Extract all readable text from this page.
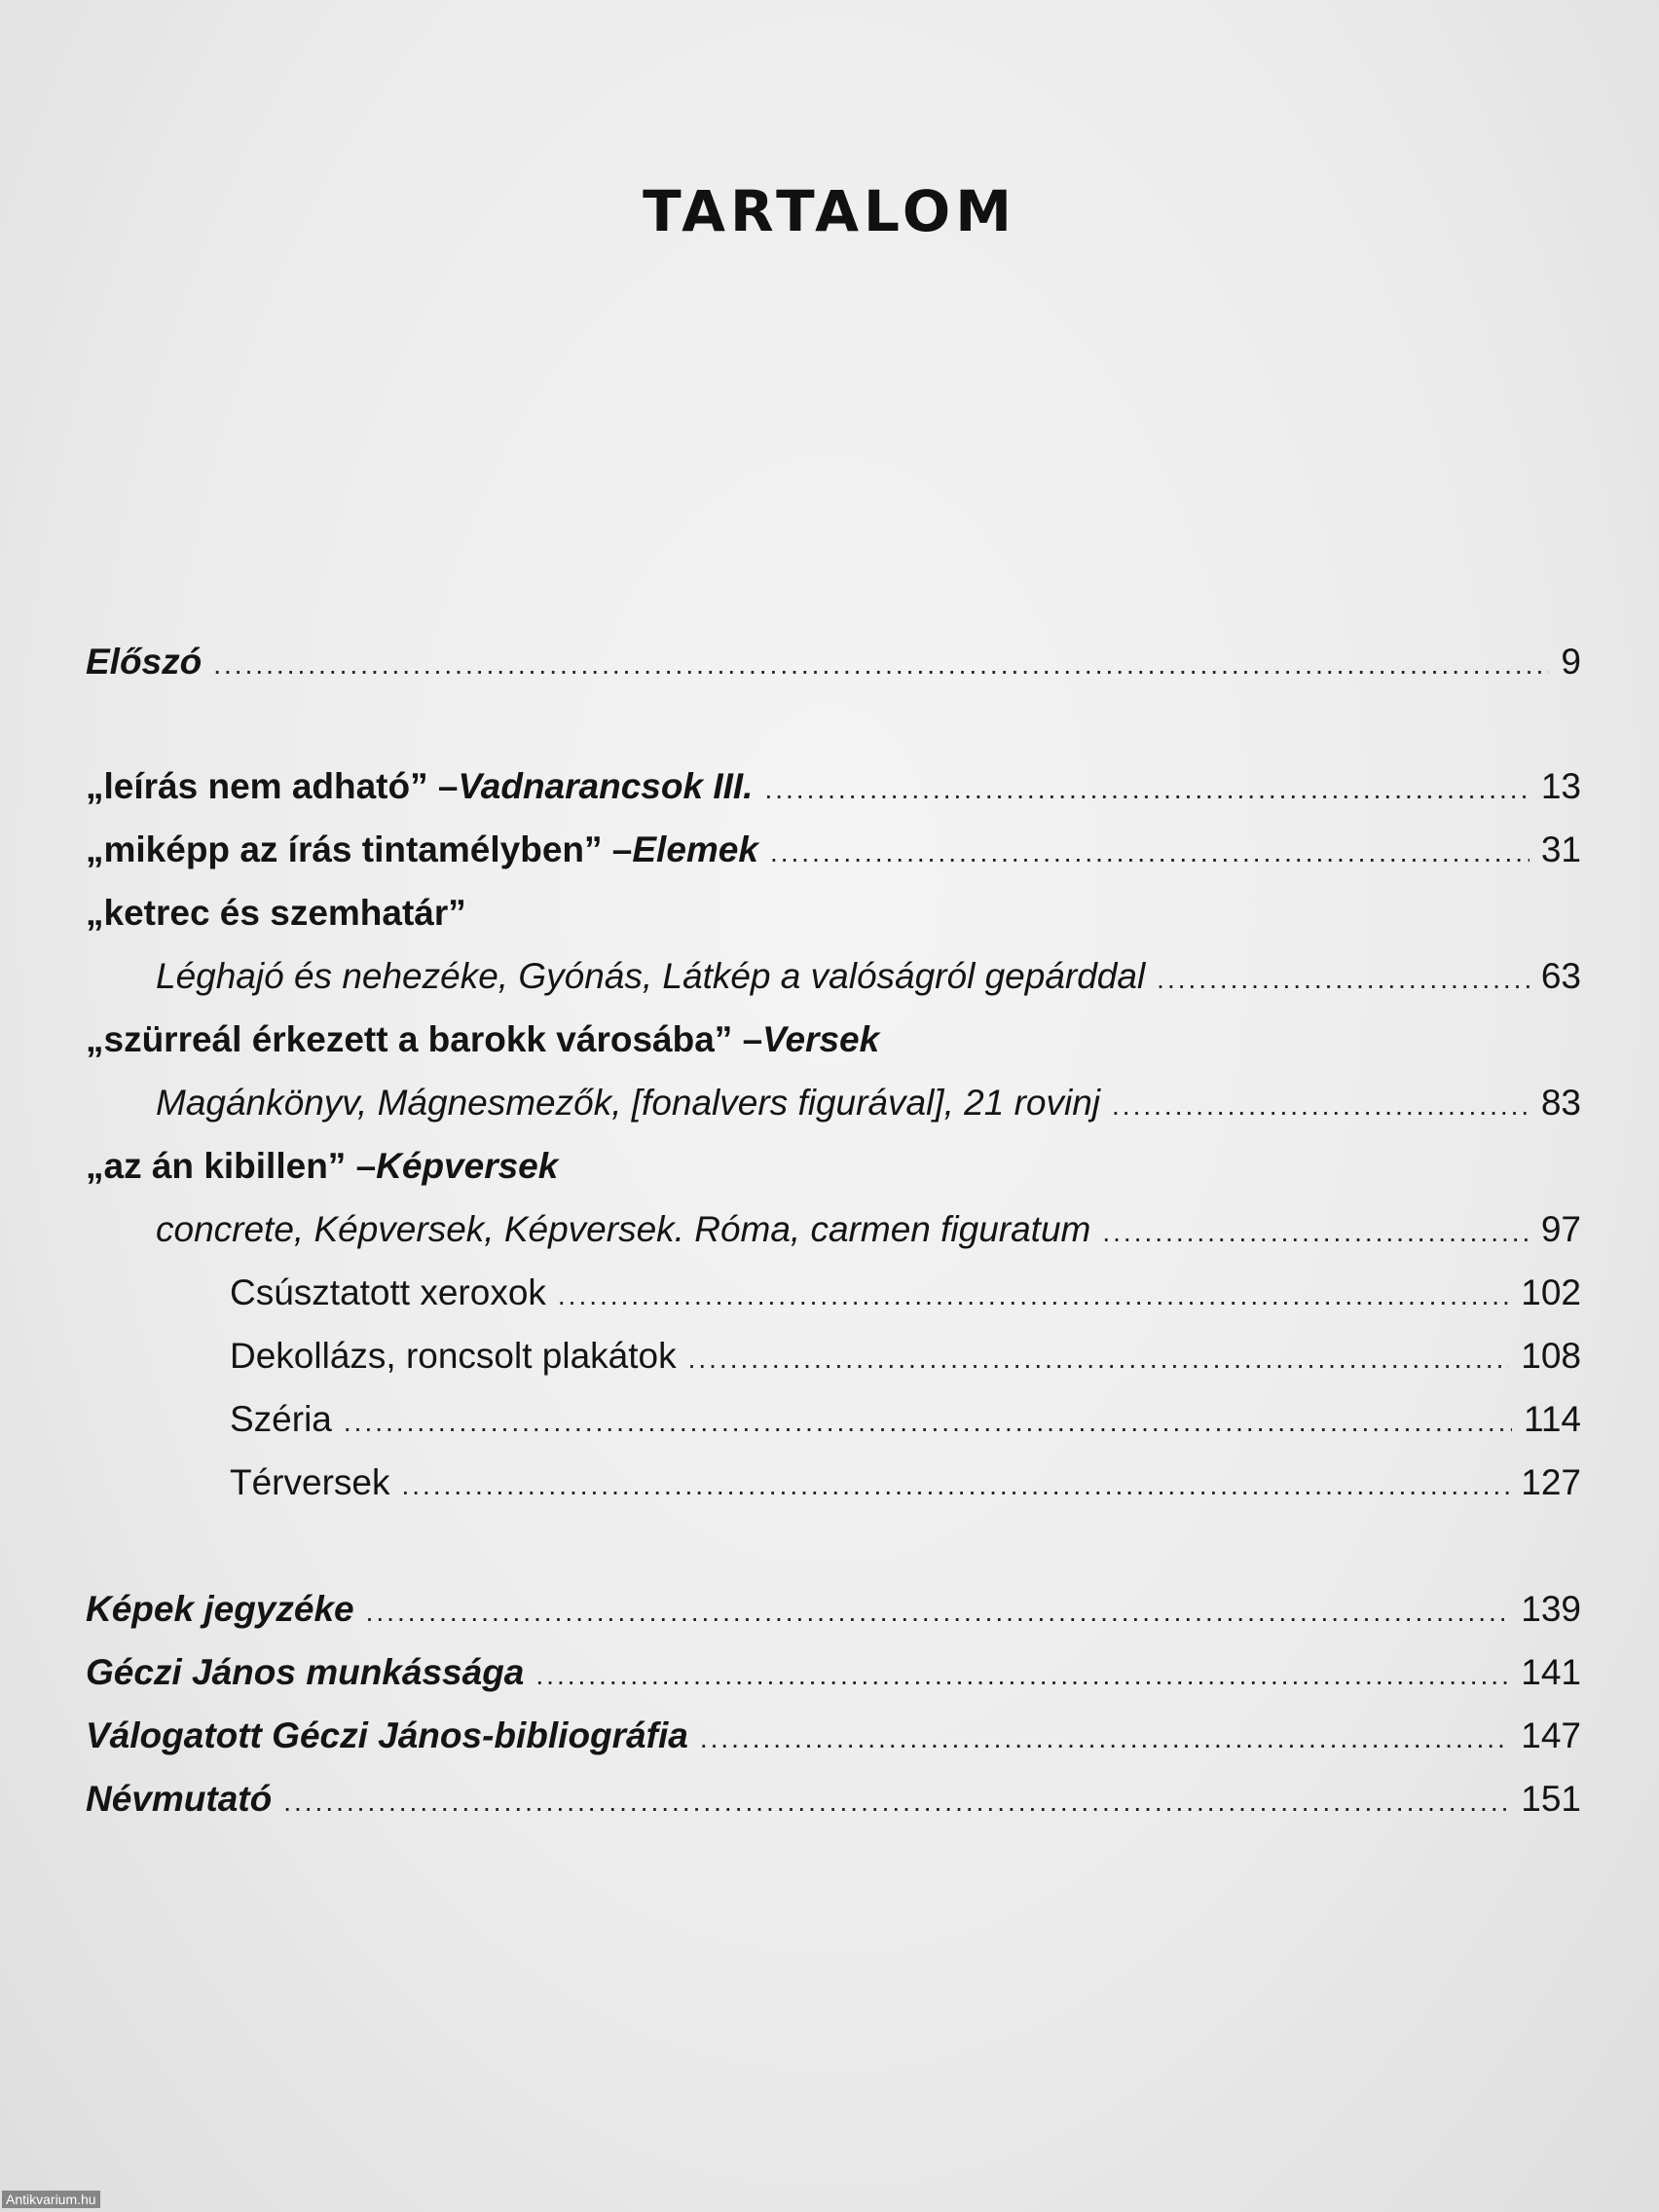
TARTALOM
Előszó .....	9
„leírás nem adható” – Vadnarancsok III. .....	13
„miképp az írás tintamélyben” – Elemek .....	31
„ketrec és szemhatár”
Léghajó és nehezéke, Gyónás, Látkép a valóságról gepárddal .....	63
„szürreál érkezett a barokk városába” – Versek
Magánkönyv, Mágnesmezők, [fonalvers figurával], 21 rovinj .....	83
„az án kibillen” – Képversek
concrete, Képversek, Képversek. Róma, carmen figuratum .....	97
Csúsztatott xeroxok .....	102
Dekollázs, roncsolt plakátok .....	108
Széria .....	114
Térversek .....	127
Képek jegyzéke .....	139
Géczi János munkássága .....	141
Válogatott Géczi János-bibliográfia .....	147
Névmutató .....	151
Antikvarium.hu
